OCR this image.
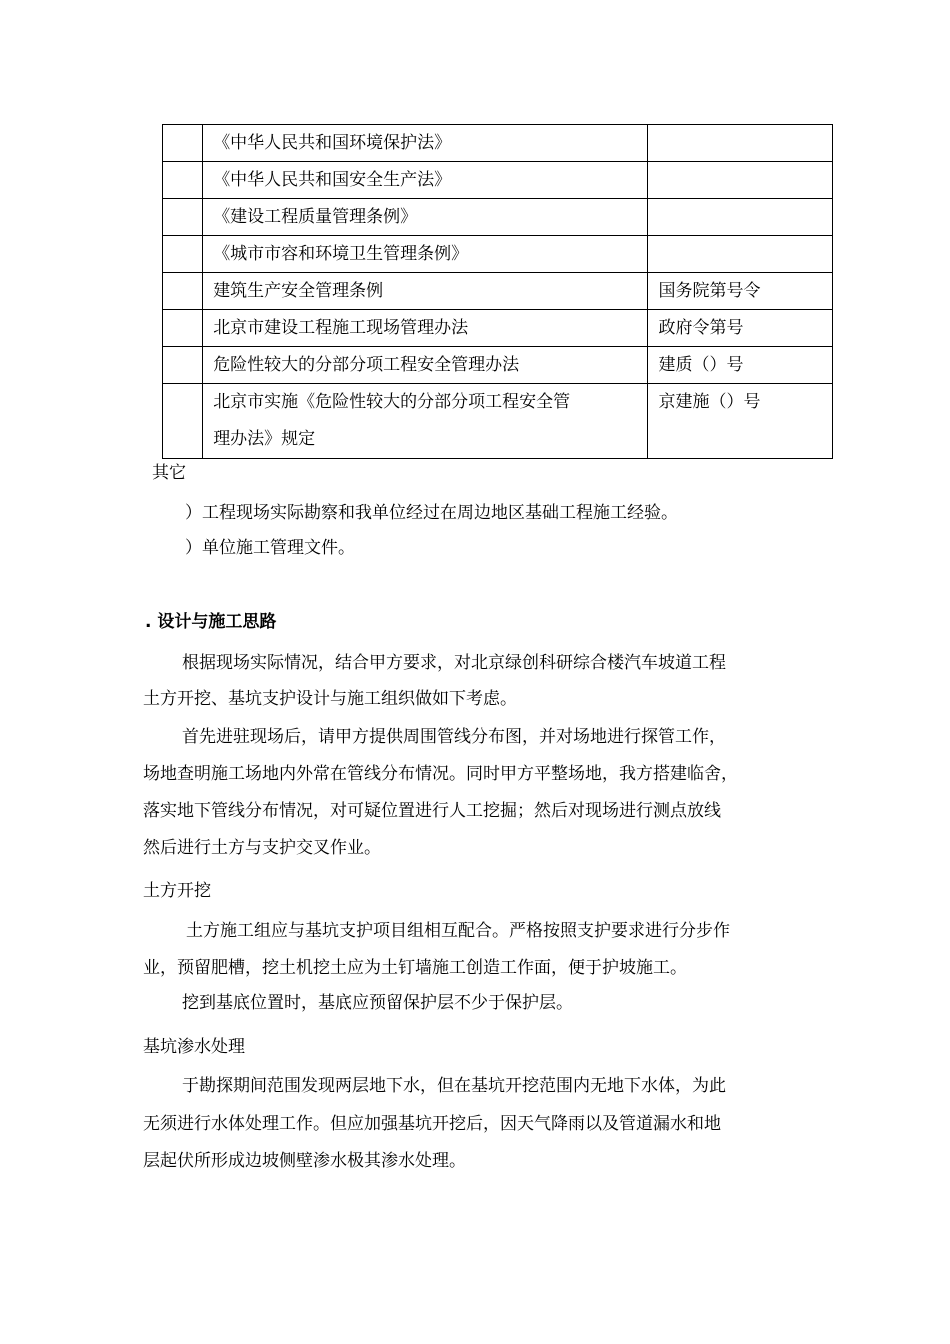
	《中华人民共和国环境保护法》	
	《中华人民共和国安全生产法》	
	《建设工程质量管理条例》	
	《城市市容和环境卫生管理条例》	
	建筑生产安全管理条例	国务院第号令
	北京市建设工程施工现场管理办法	政府令第号
	危险性较大的分部分项工程安全管理办法	建质（）号

	北京市实施《危险性较大的分部分项工程安全管
理办法》规定	京建施（）号
其它
）工程现场实际勘察和我单位经过在周边地区基础工程施工经验。
）单位施工管理文件。
. 设计与施工思路
根据现场实际情况，结合甲方要求，对北京绿创科研综合楼汽车坡道工程
土方开挖、基坑支护设计与施工组织做如下考虑。
首先进驻现场后，请甲方提供周围管线分布图，并对场地进行探管工作，
场地查明施工场地内外常在管线分布情况。同时甲方平整场地，我方搭建临舍，
落实地下管线分布情况，对可疑位置进行人工挖掘；然后对现场进行测点放线
然后进行土方与支护交叉作业。
土方开挖
土方施工组应与基坑支护项目组相互配合。严格按照支护要求进行分步作
业，预留肥槽，挖土机挖土应为土钉墙施工创造工作面，便于护坡施工。
挖到基底位置时，基底应预留保护层不少于保护层。
基坑渗水处理
于勘探期间范围发现两层地下水，但在基坑开挖范围内无地下水体，为此
无须进行水体处理工作。但应加强基坑开挖后，因天气降雨以及管道漏水和地
层起伏所形成边坡侧壁渗水极其渗水处理。
